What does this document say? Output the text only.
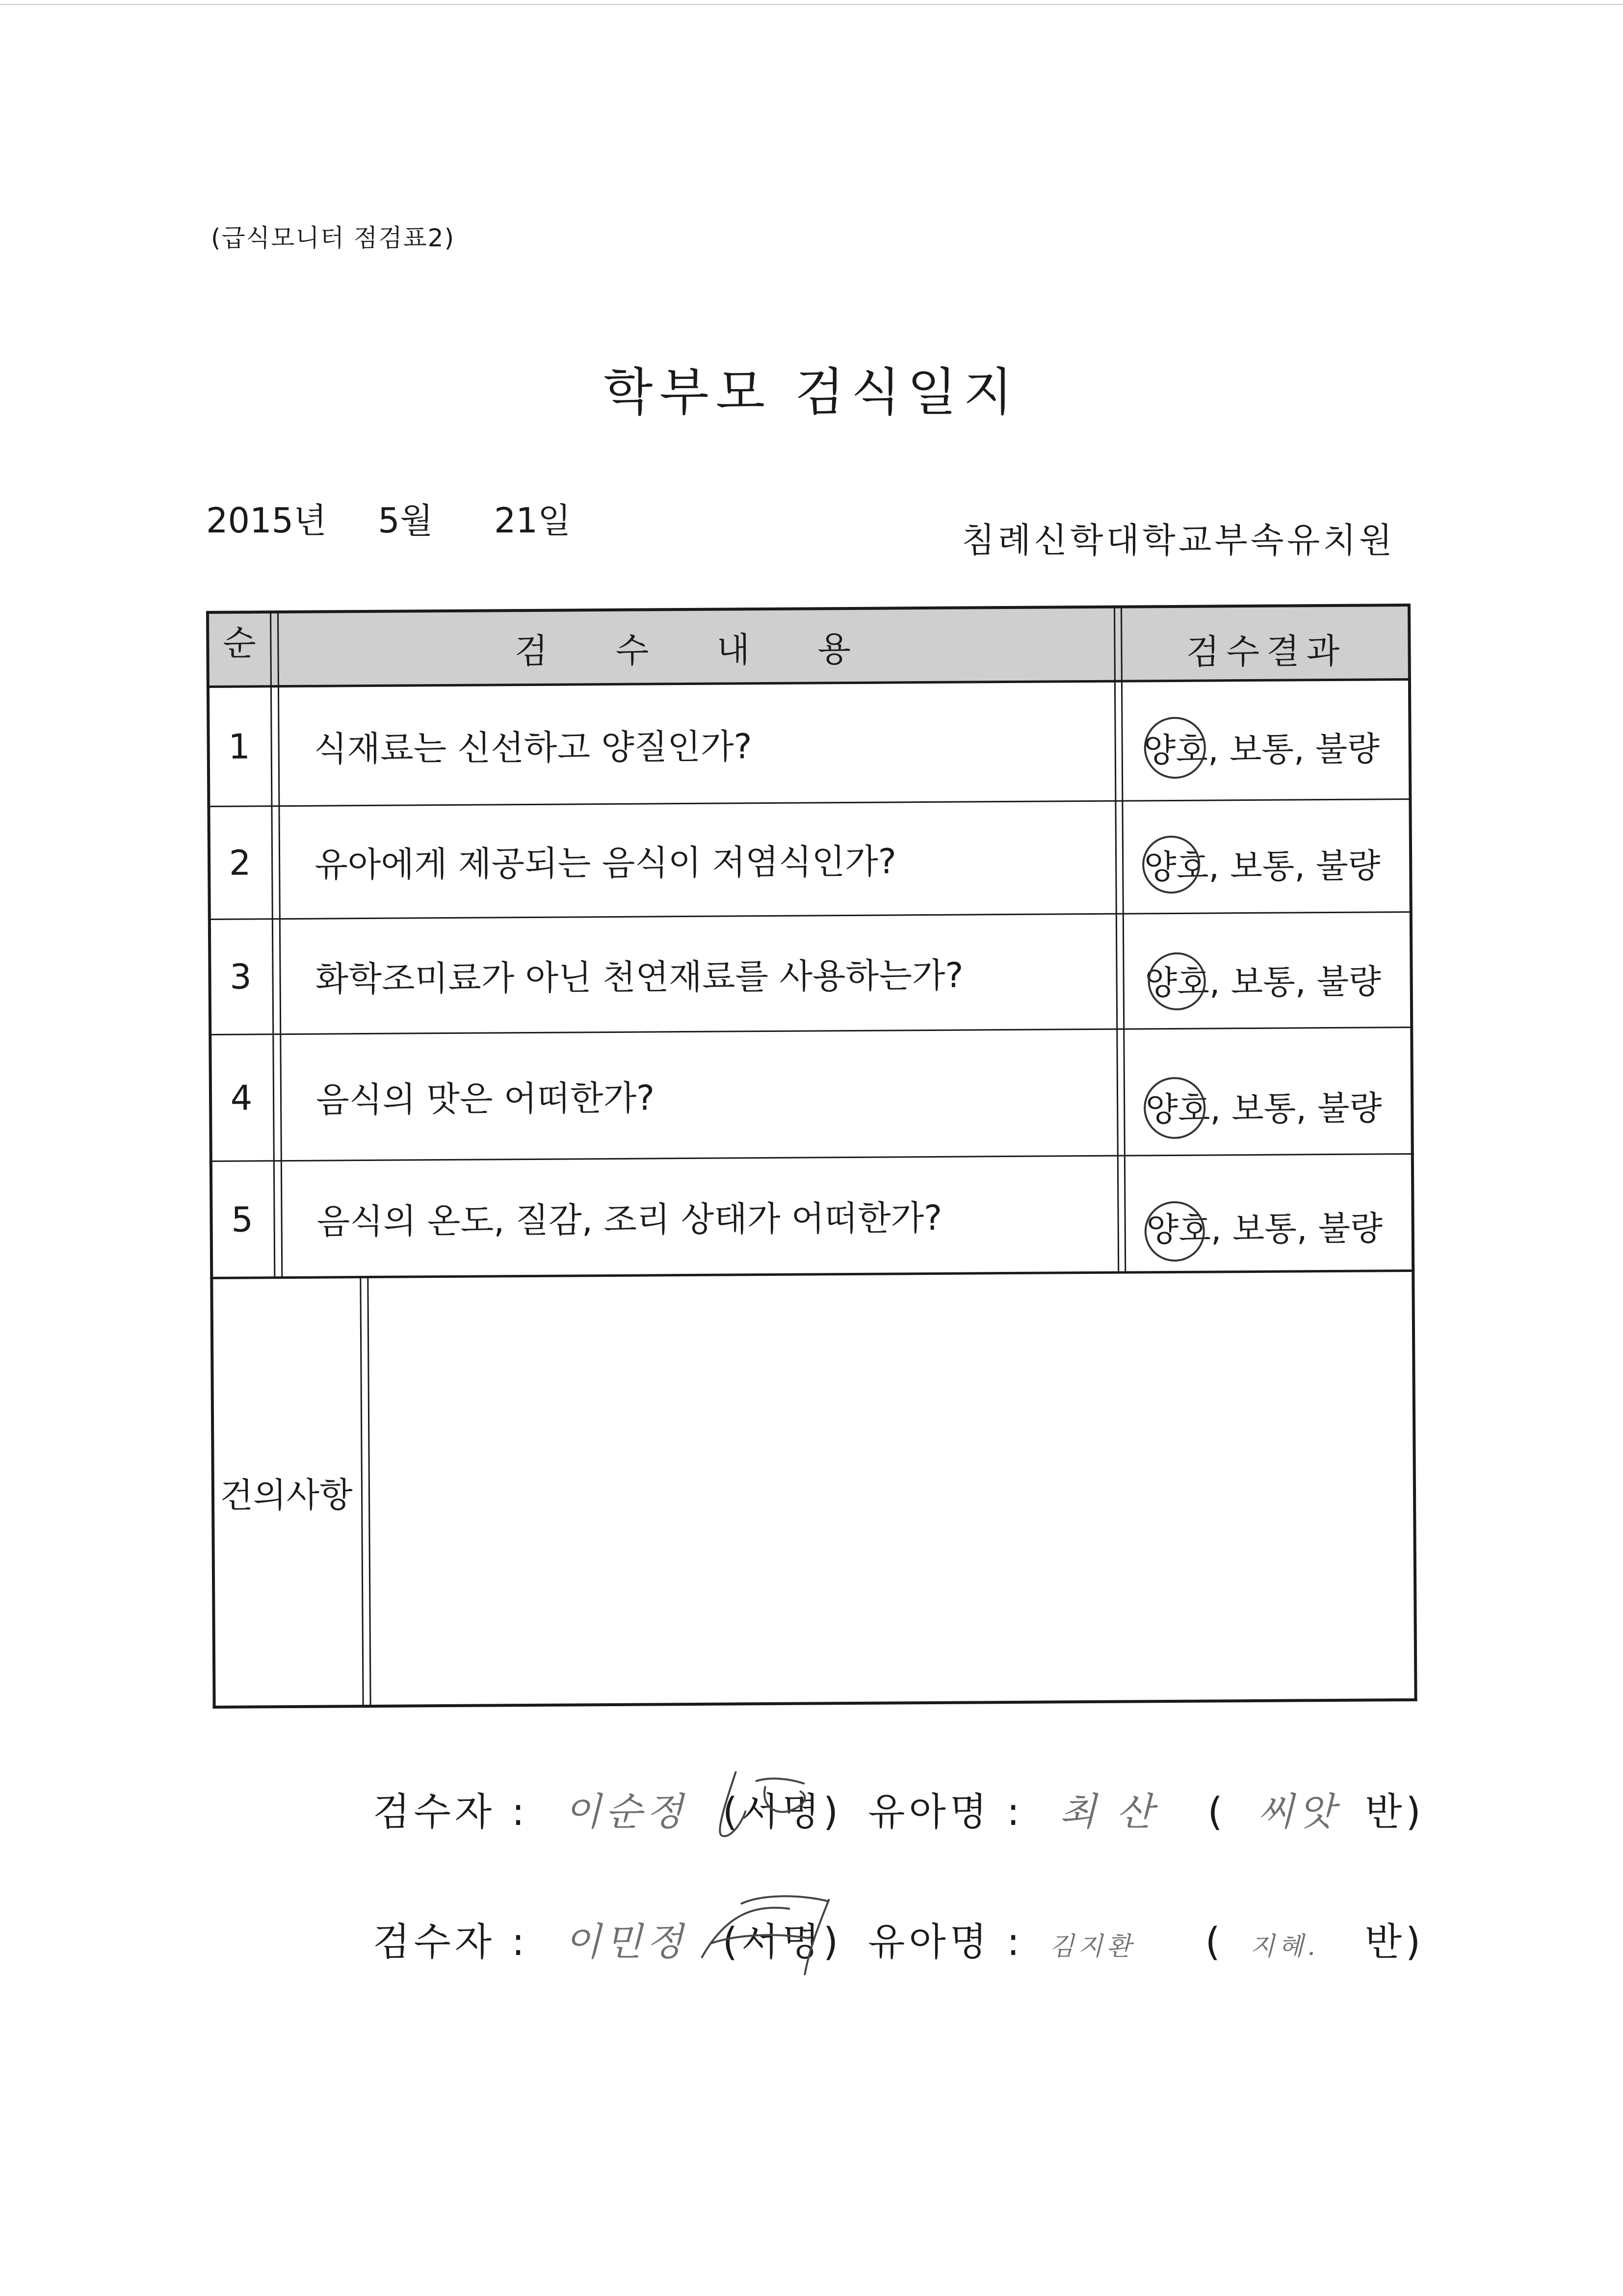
(급식모니터 점검표2)
학부모 검식일지
2015년 5월 21일	침례신학대학교부속유치원
순	검 수 내 용	검수결과
1	식재료는 신선하고 양질인가?	양호, 보통, 불량
2	유아에게 제공되는 음식이 저염식인가?	양호, 보통, 불량
3	화학조미료가 아닌 천연재료를 사용하는가?	양호, 보통, 불량
4	음식의 맛은 어떠한가?	양호, 보통, 불량
5	음식의 온도, 질감, 조리 상태가 어떠한가?	양호, 보통, 불량
건의사항
검수자 : 이순정 (서명) 유아명 : 최 산 ( 씨앗 반)
검수자 : 이민정 (서명) 유아명 : 김지환 ( 지혜. 반)
